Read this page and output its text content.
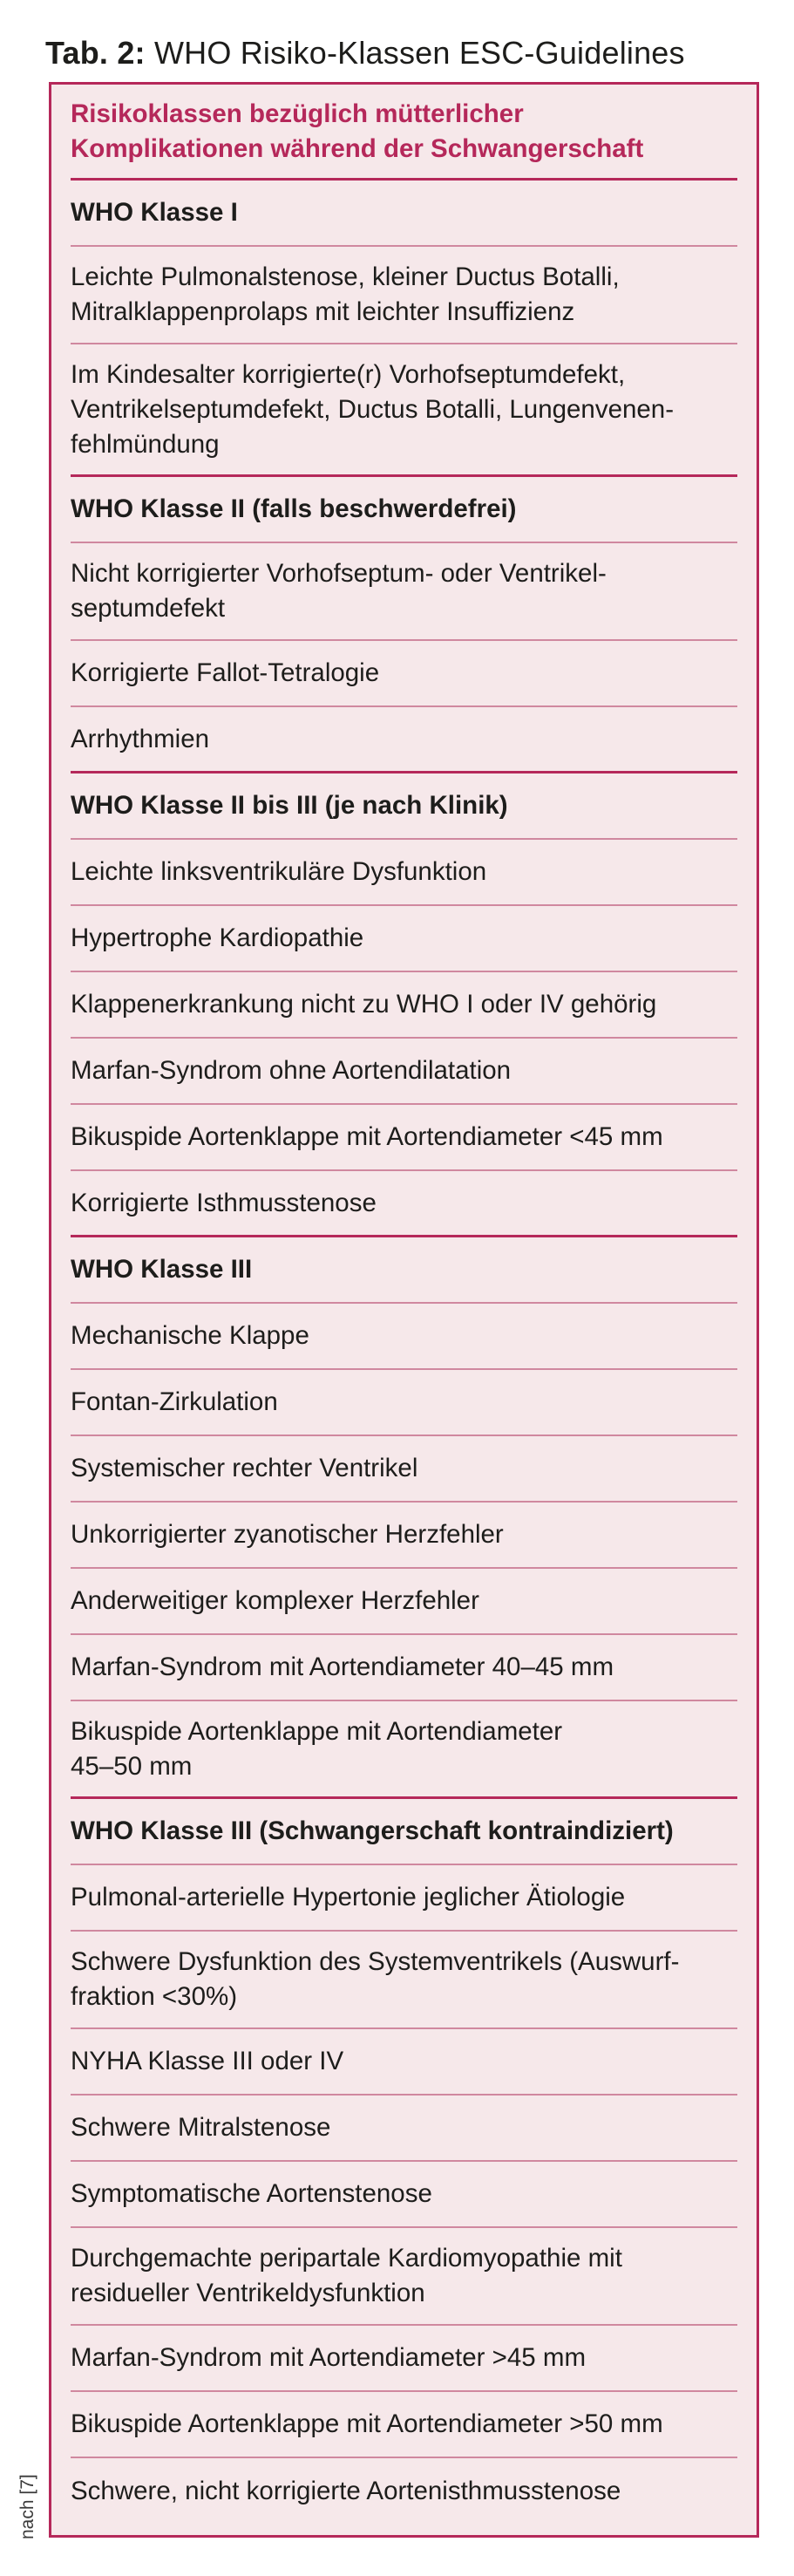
Tab. 2: WHO Risiko-Klassen ESC-Guidelines
Risikoklassen bezüglich mütterlicher
Komplikationen während der Schwangerschaft
WHO Klasse I
Leichte Pulmonalstenose, kleiner Ductus Botalli,
Mitralklappenprolaps mit leichter Insuffizienz
Im Kindesalter korrigierte(r) Vorhofseptumdefekt,
Ventrikelseptumdefekt, Ductus Botalli, Lungenvenen-
fehlmündung
WHO Klasse II (falls beschwerdefrei)
Nicht korrigierter Vorhofseptum- oder Ventrikel-
septumdefekt
Korrigierte Fallot-Tetralogie
Arrhythmien
WHO Klasse II bis III (je nach Klinik)
Leichte linksventrikuläre Dysfunktion
Hypertrophe Kardiopathie
Klappenerkrankung nicht zu WHO I oder IV gehörig
Marfan-Syndrom ohne Aortendilatation
Bikuspide Aortenklappe mit Aortendiameter <45 mm
Korrigierte Isthmusstenose
WHO Klasse III
Mechanische Klappe
Fontan-Zirkulation
Systemischer rechter Ventrikel
Unkorrigierter zyanotischer Herzfehler
Anderweitiger komplexer Herzfehler
Marfan-Syndrom mit Aortendiameter 40–45 mm
Bikuspide Aortenklappe mit Aortendiameter
45–50 mm
WHO Klasse III (Schwangerschaft kontraindiziert)
Pulmonal-arterielle Hypertonie jeglicher Ätiologie
Schwere Dysfunktion des Systemventrikels (Auswurf-
fraktion <30%)
NYHA Klasse III oder IV
Schwere Mitralstenose
Symptomatische Aortenstenose
Durchgemachte peripartale Kardiomyopathie mit
residueller Ventrikeldysfunktion
Marfan-Syndrom mit Aortendiameter >45 mm
Bikuspide Aortenklappe mit Aortendiameter >50 mm
Schwere, nicht korrigierte Aortenisthmusstenose
nach [7]
